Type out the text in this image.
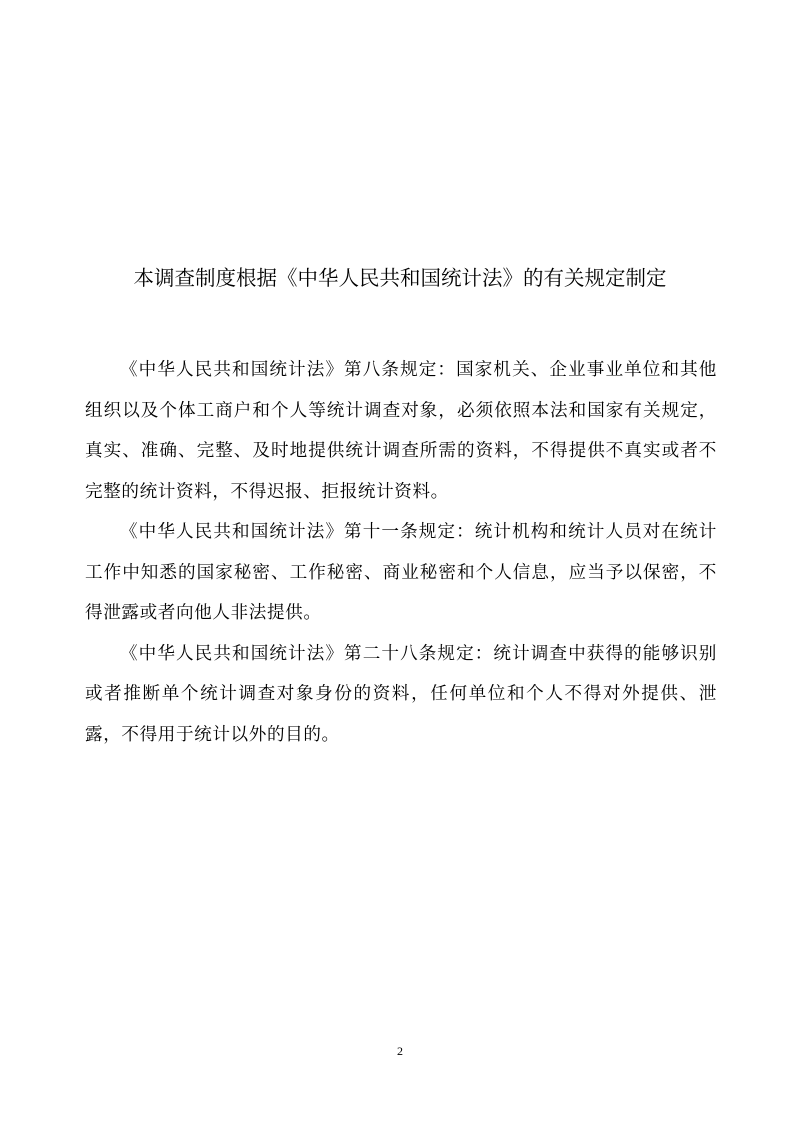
本调查制度根据《中华人民共和国统计法》的有关规定制定

《中华人民共和国统计法》第八条规定：国家机关、企业事业单位和其他组织以及个体工商户和个人等统计调查对象，必须依照本法和国家有关规定，真实、准确、完整、及时地提供统计调查所需的资料，不得提供不真实或者不完整的统计资料，不得迟报、拒报统计资料。

《中华人民共和国统计法》第十一条规定：统计机构和统计人员对在统计工作中知悉的国家秘密、工作秘密、商业秘密和个人信息，应当予以保密，不得泄露或者向他人非法提供。

《中华人民共和国统计法》第二十八条规定：统计调查中获得的能够识别或者推断单个统计调查对象身份的资料，任何单位和个人不得对外提供、泄露，不得用于统计以外的目的。

2
